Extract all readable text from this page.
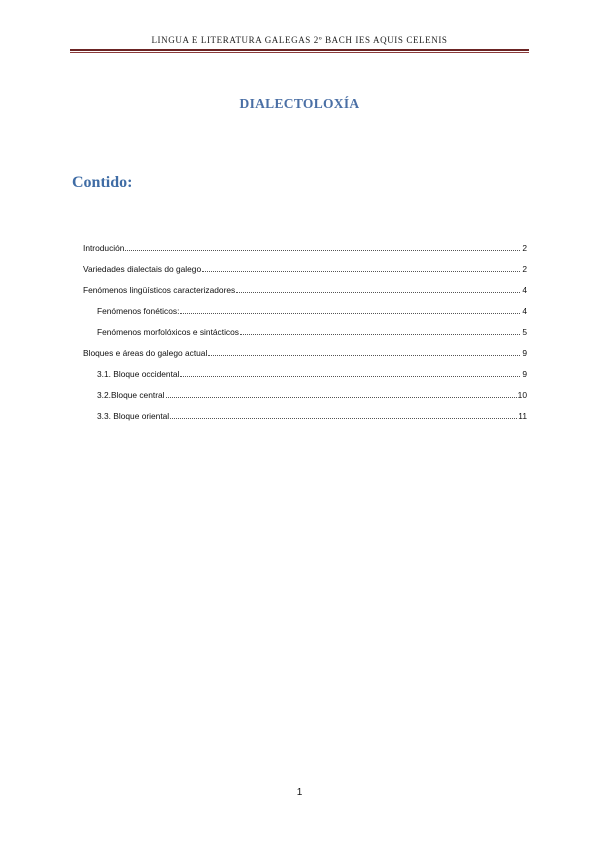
LINGUA E LITERATURA GALEGAS 2º BACH IES AQUIS CELENIS
DIALECTOLOXÍA
Contido:
Introdución	2
Variedades dialectais do galego	2
Fenómenos lingüísticos caracterizadores	4
Fenómenos fonéticos:	4
Fenómenos morfolóxicos e sintácticos	5
Bloques e áreas do galego actual	9
3.1. Bloque occidental	9
3.2.Bloque central	10
3.3. Bloque oriental	11
1
